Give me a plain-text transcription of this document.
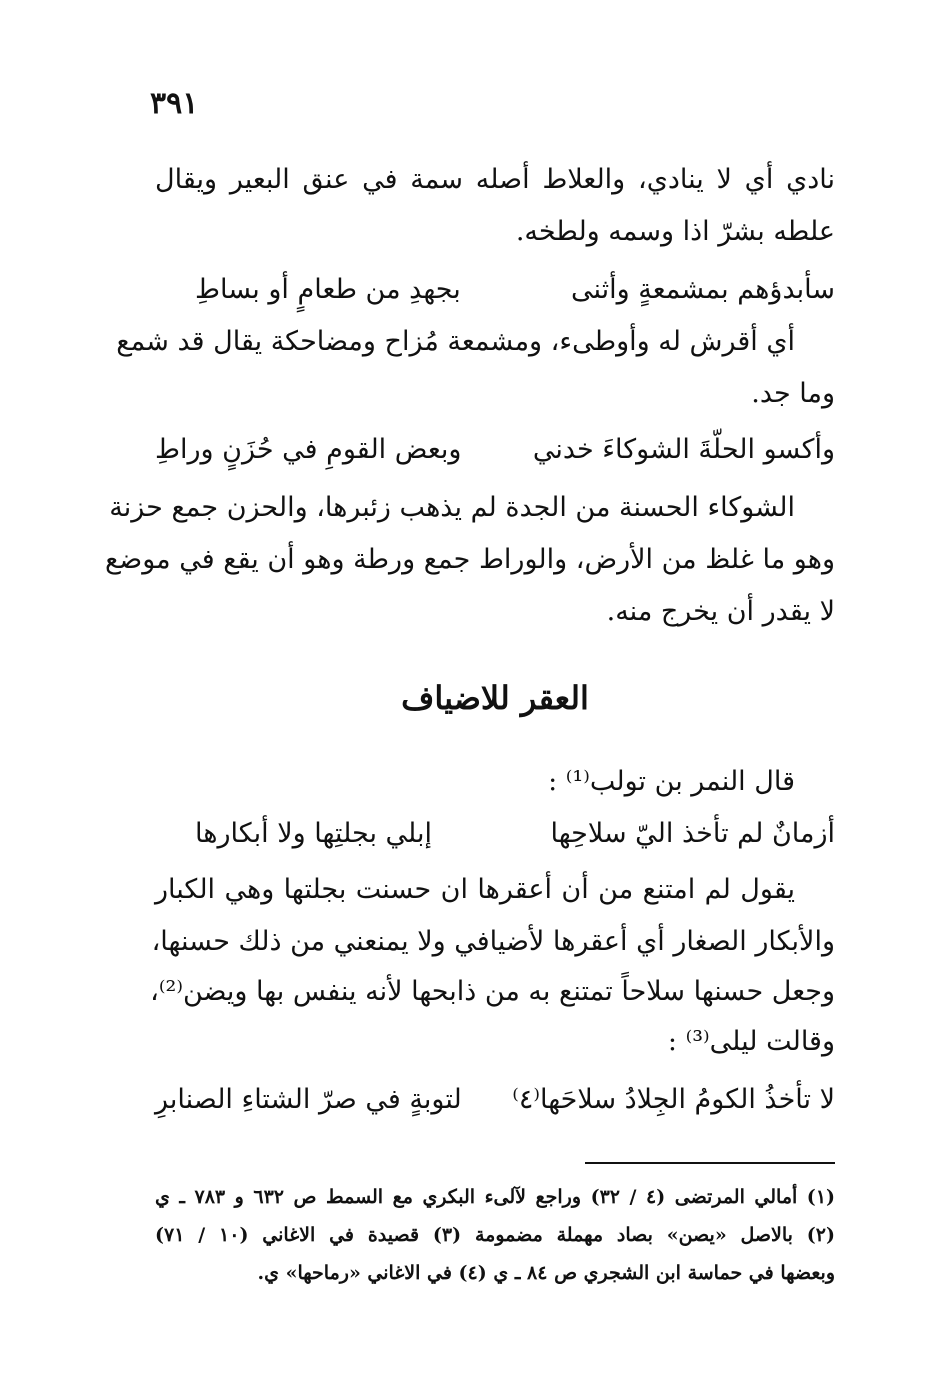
٣٩١
نادي أي لا ينادي، والعلاط أصله سمة في عنق البعير ويقال
علطه بشرّ اذا وسمه ولطخه.
سأبدؤهم بمشمعةٍ وأثنى
بجهدِ من طعامٍ أو بساطِ
أي أقرش له وأوطىء، ومشمعة مُزاح ومضاحكة يقال قد شمع
وما جد.
وأكسو الحلّةَ الشوكاءَ خدني
وبعض القومِ في حُزَنٍ وراطِ
الشوكاء الحسنة من الجدة لم يذهب زئبرها، والحزن جمع حزنة
وهو ما غلظ من الأرض، والوراط جمع ورطة وهو أن يقع في موضع
لا يقدر أن يخرج منه.
العقر للاضياف
قال النمر بن تولب⁽¹⁾ :
أزمانٌ لم تأخذ اليّ سلاحِها
إبلي بجلتِها ولا أبكارها
يقول لم امتنع من أن أعقرها ان حسنت بجلتها وهي الكبار
والأبكار الصغار أي أعقرها لأضيافي ولا يمنعني من ذلك حسنها،
وجعل حسنها سلاحاً تمتنع به من ذابحها لأنه ينفس بها ويضن⁽²⁾،
وقالت ليلى⁽³⁾ :
لا تأخذُ الكومُ الجِلادُ سلاحَها⁽٤⁾
لتوبةٍ في صرّ الشتاءِ الصنابرِ
(١) أمالي المرتضى (٤ / ٣٢) وراجع لآلىء البكري مع السمط ص ٦٣٢ و ٧٨٣ ـ ي
(٢) بالاصل «يصن» بصاد مهملة مضمومة (٣) قصيدة في الاغاني (١٠ / ٧١)
وبعضها في حماسة ابن الشجري ص ٨٤ ـ ي (٤) في الاغاني «رماحها» ي.
